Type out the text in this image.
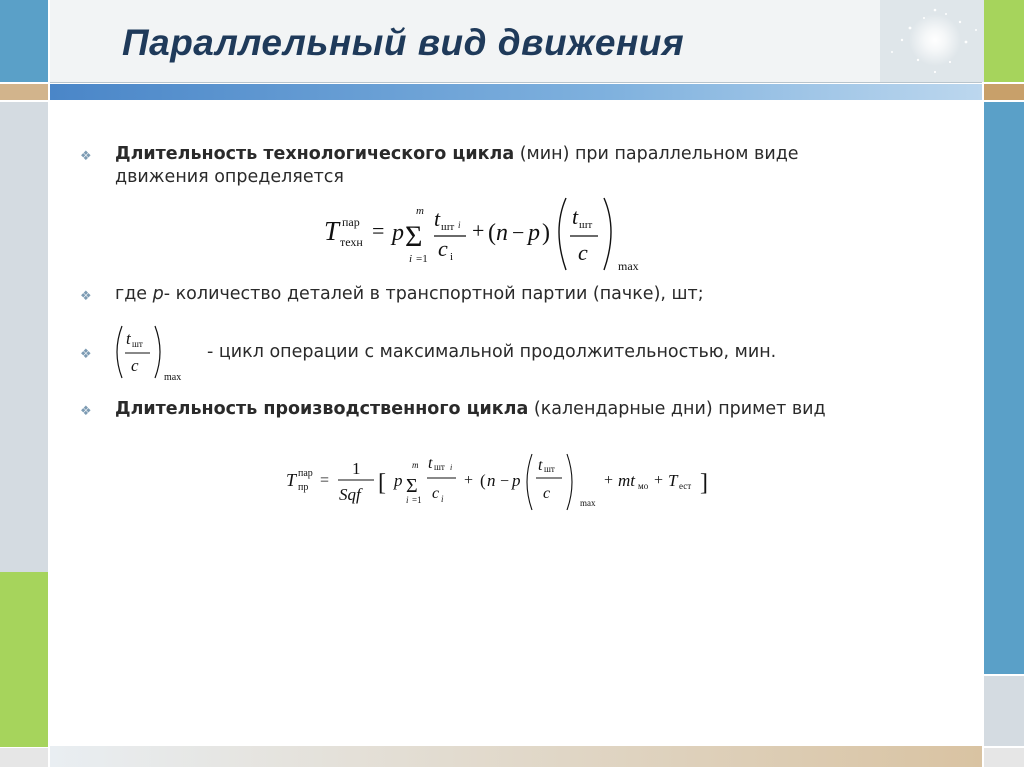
Параллельный вид движения
❖ Длительность технологического цикла (мин) при параллельном виде
движения определяется
T пар
техн = p
m
Σ
i =1
t шт i
c i
+ ( n − p )
t шт
c
max
❖ где p- количество деталей в транспортной партии (пачке), шт;
❖
t шт
c
max
- цикл операции с максимальной продолжительностью, мин.
❖ Длительность производственного цикла (календарные дни) примет вид
T пар
пр =
1
Sqf [ p
m
Σ
i =1
t шт i
c i
+ ( n − p
t шт
c
max
+ mt мо + T ест ]
